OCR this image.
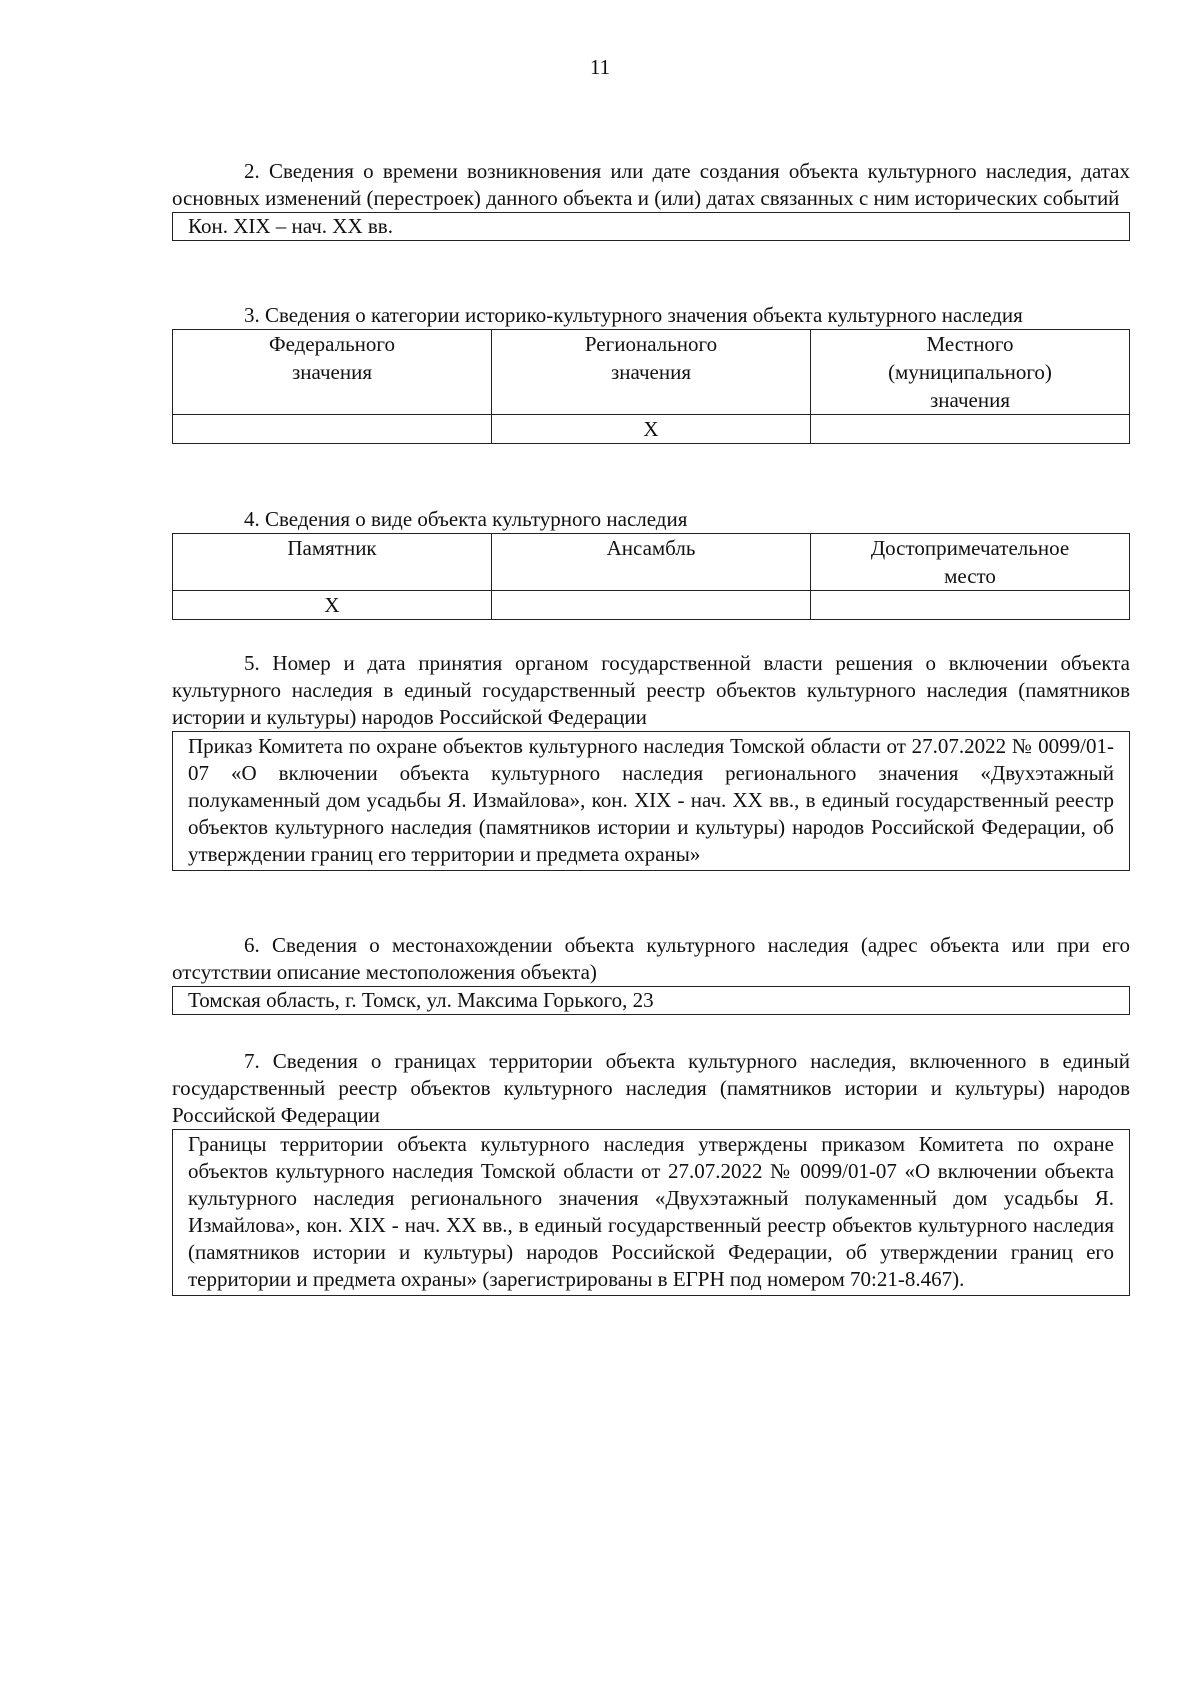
11

2. Сведения о времени возникновения или дате создания объекта культурного наследия, датах основных изменений (перестроек) данного объекта и (или) датах связанных с ним исторических событий

Кон. XIX – нач. XX вв.

3. Сведения о категории историко-культурного значения объекта культурного наследия

Федерального значения	Регионального значения	Местного (муниципального) значения
	Х	

4. Сведения о виде объекта культурного наследия

Памятник	Ансамбль	Достопримечательное место
Х		

5. Номер и дата принятия органом государственной власти решения о включении объекта культурного наследия в единый государственный реестр объектов культурного наследия (памятников истории и культуры) народов Российской Федерации

Приказ Комитета по охране объектов культурного наследия Томской области от 27.07.2022 № 0099/01-07 «О включении объекта культурного наследия регионального значения «Двухэтажный полукаменный дом усадьбы Я. Измайлова», кон. XIX - нач. XX вв., в единый государственный реестр объектов культурного наследия (памятников истории и культуры) народов Российской Федерации, об утверждении границ его территории и предмета охраны»

6. Сведения о местонахождении объекта культурного наследия (адрес объекта или при его отсутствии описание местоположения объекта)

Томская область, г. Томск, ул. Максима Горького, 23

7. Сведения о границах территории объекта культурного наследия, включенного в единый государственный реестр объектов культурного наследия (памятников истории и культуры) народов Российской Федерации

Границы территории объекта культурного наследия утверждены приказом Комитета по охране объектов культурного наследия Томской области от 27.07.2022 № 0099/01-07 «О включении объекта культурного наследия регионального значения «Двухэтажный полукаменный дом усадьбы Я. Измайлова», кон. XIX - нач. XX вв., в единый государственный реестр объектов культурного наследия (памятников истории и культуры) народов Российской Федерации, об утверждении границ его территории и предмета охраны» (зарегистрированы в ЕГРН под номером 70:21-8.467).
